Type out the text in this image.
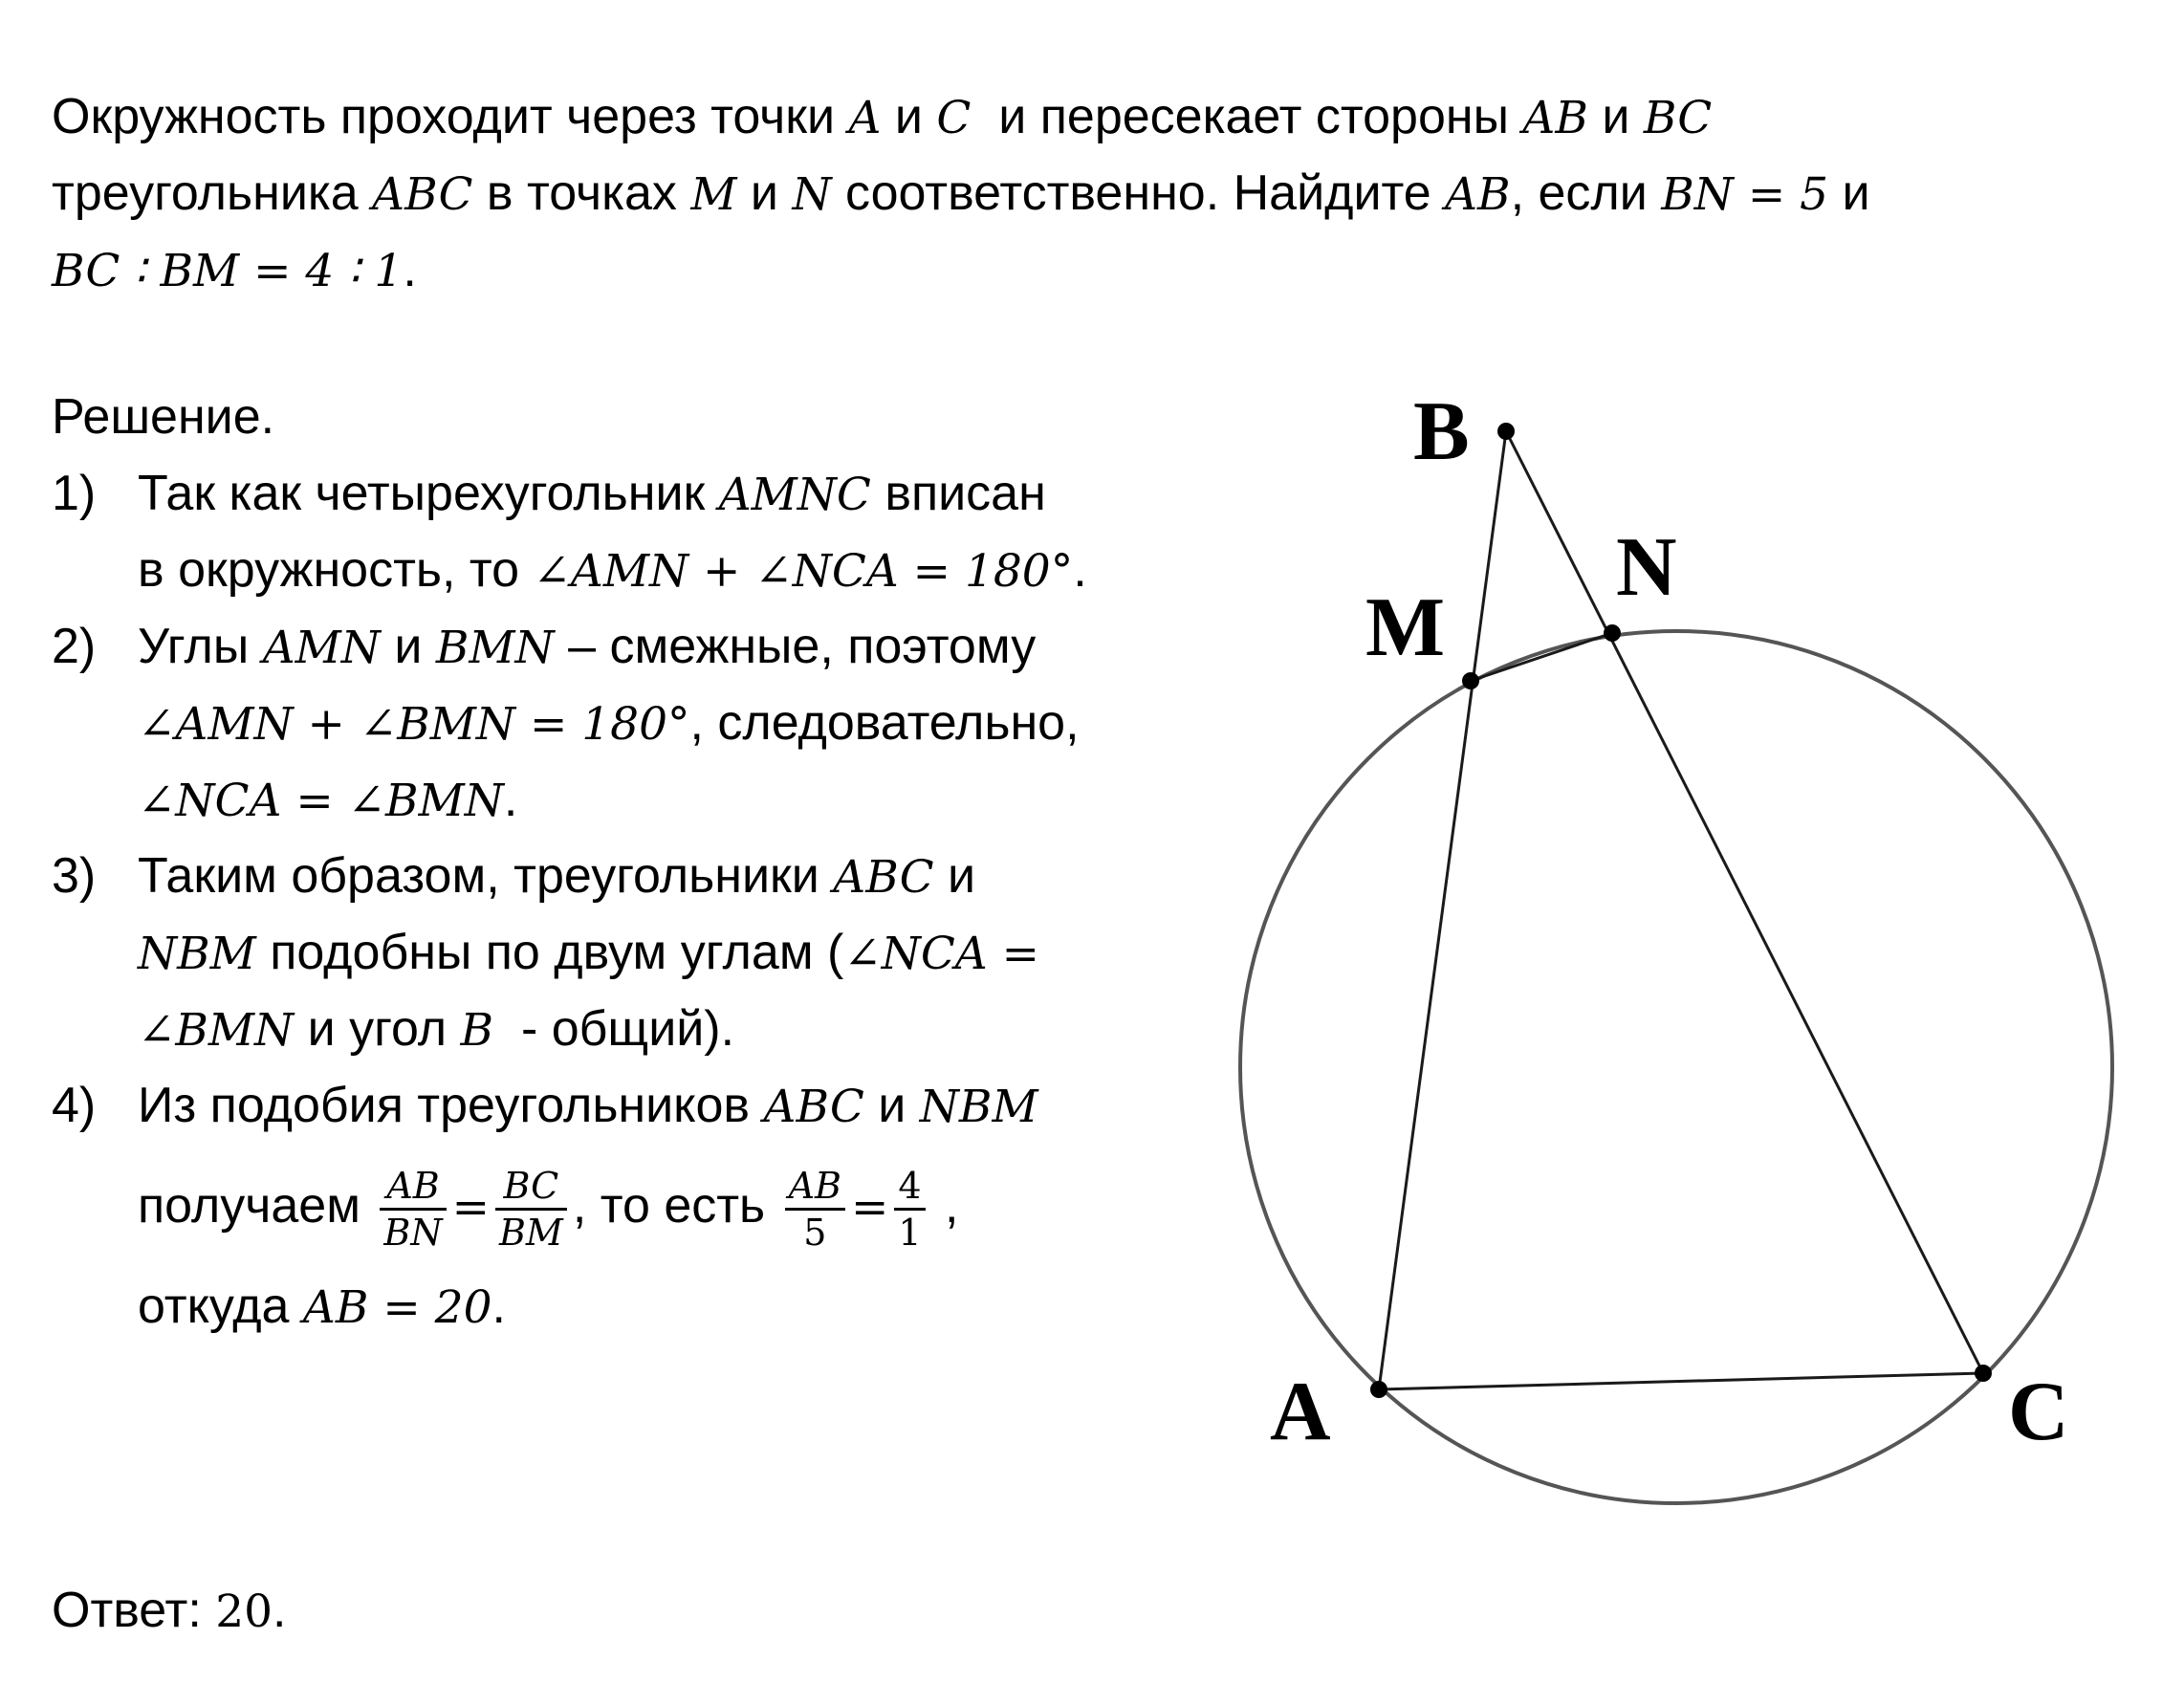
Окружность проходит через точки A и C  и пересекает стороны AB и BC
треугольника ABC в точках M и N соответственно. Найдите AB, если BN = 5 и
BC ∶ BM = 4 ∶ 1.
Решение.
1) Так как четырехугольник AMNC вписан
в окружность, то ∠AMN + ∠NCA = 180°.
2) Углы AMN и BMN – смежные, поэтому
∠AMN + ∠BMN = 180°, следовательно,
∠NCA = ∠BMN.
3) Таким образом, треугольники ABC и
NBM подобны по двум углам (∠NCA =
∠BMN и угол B  - общий).
4) Из подобия треугольников ABC и NBM
получаем $\frac{AB}{BN} = \frac{BC}{BM}$ , то есть $\frac{AB}{5} = \frac{4}{1}$ ,
откуда AB = 20.
Ответ: 20.
B
N
M
A	C
